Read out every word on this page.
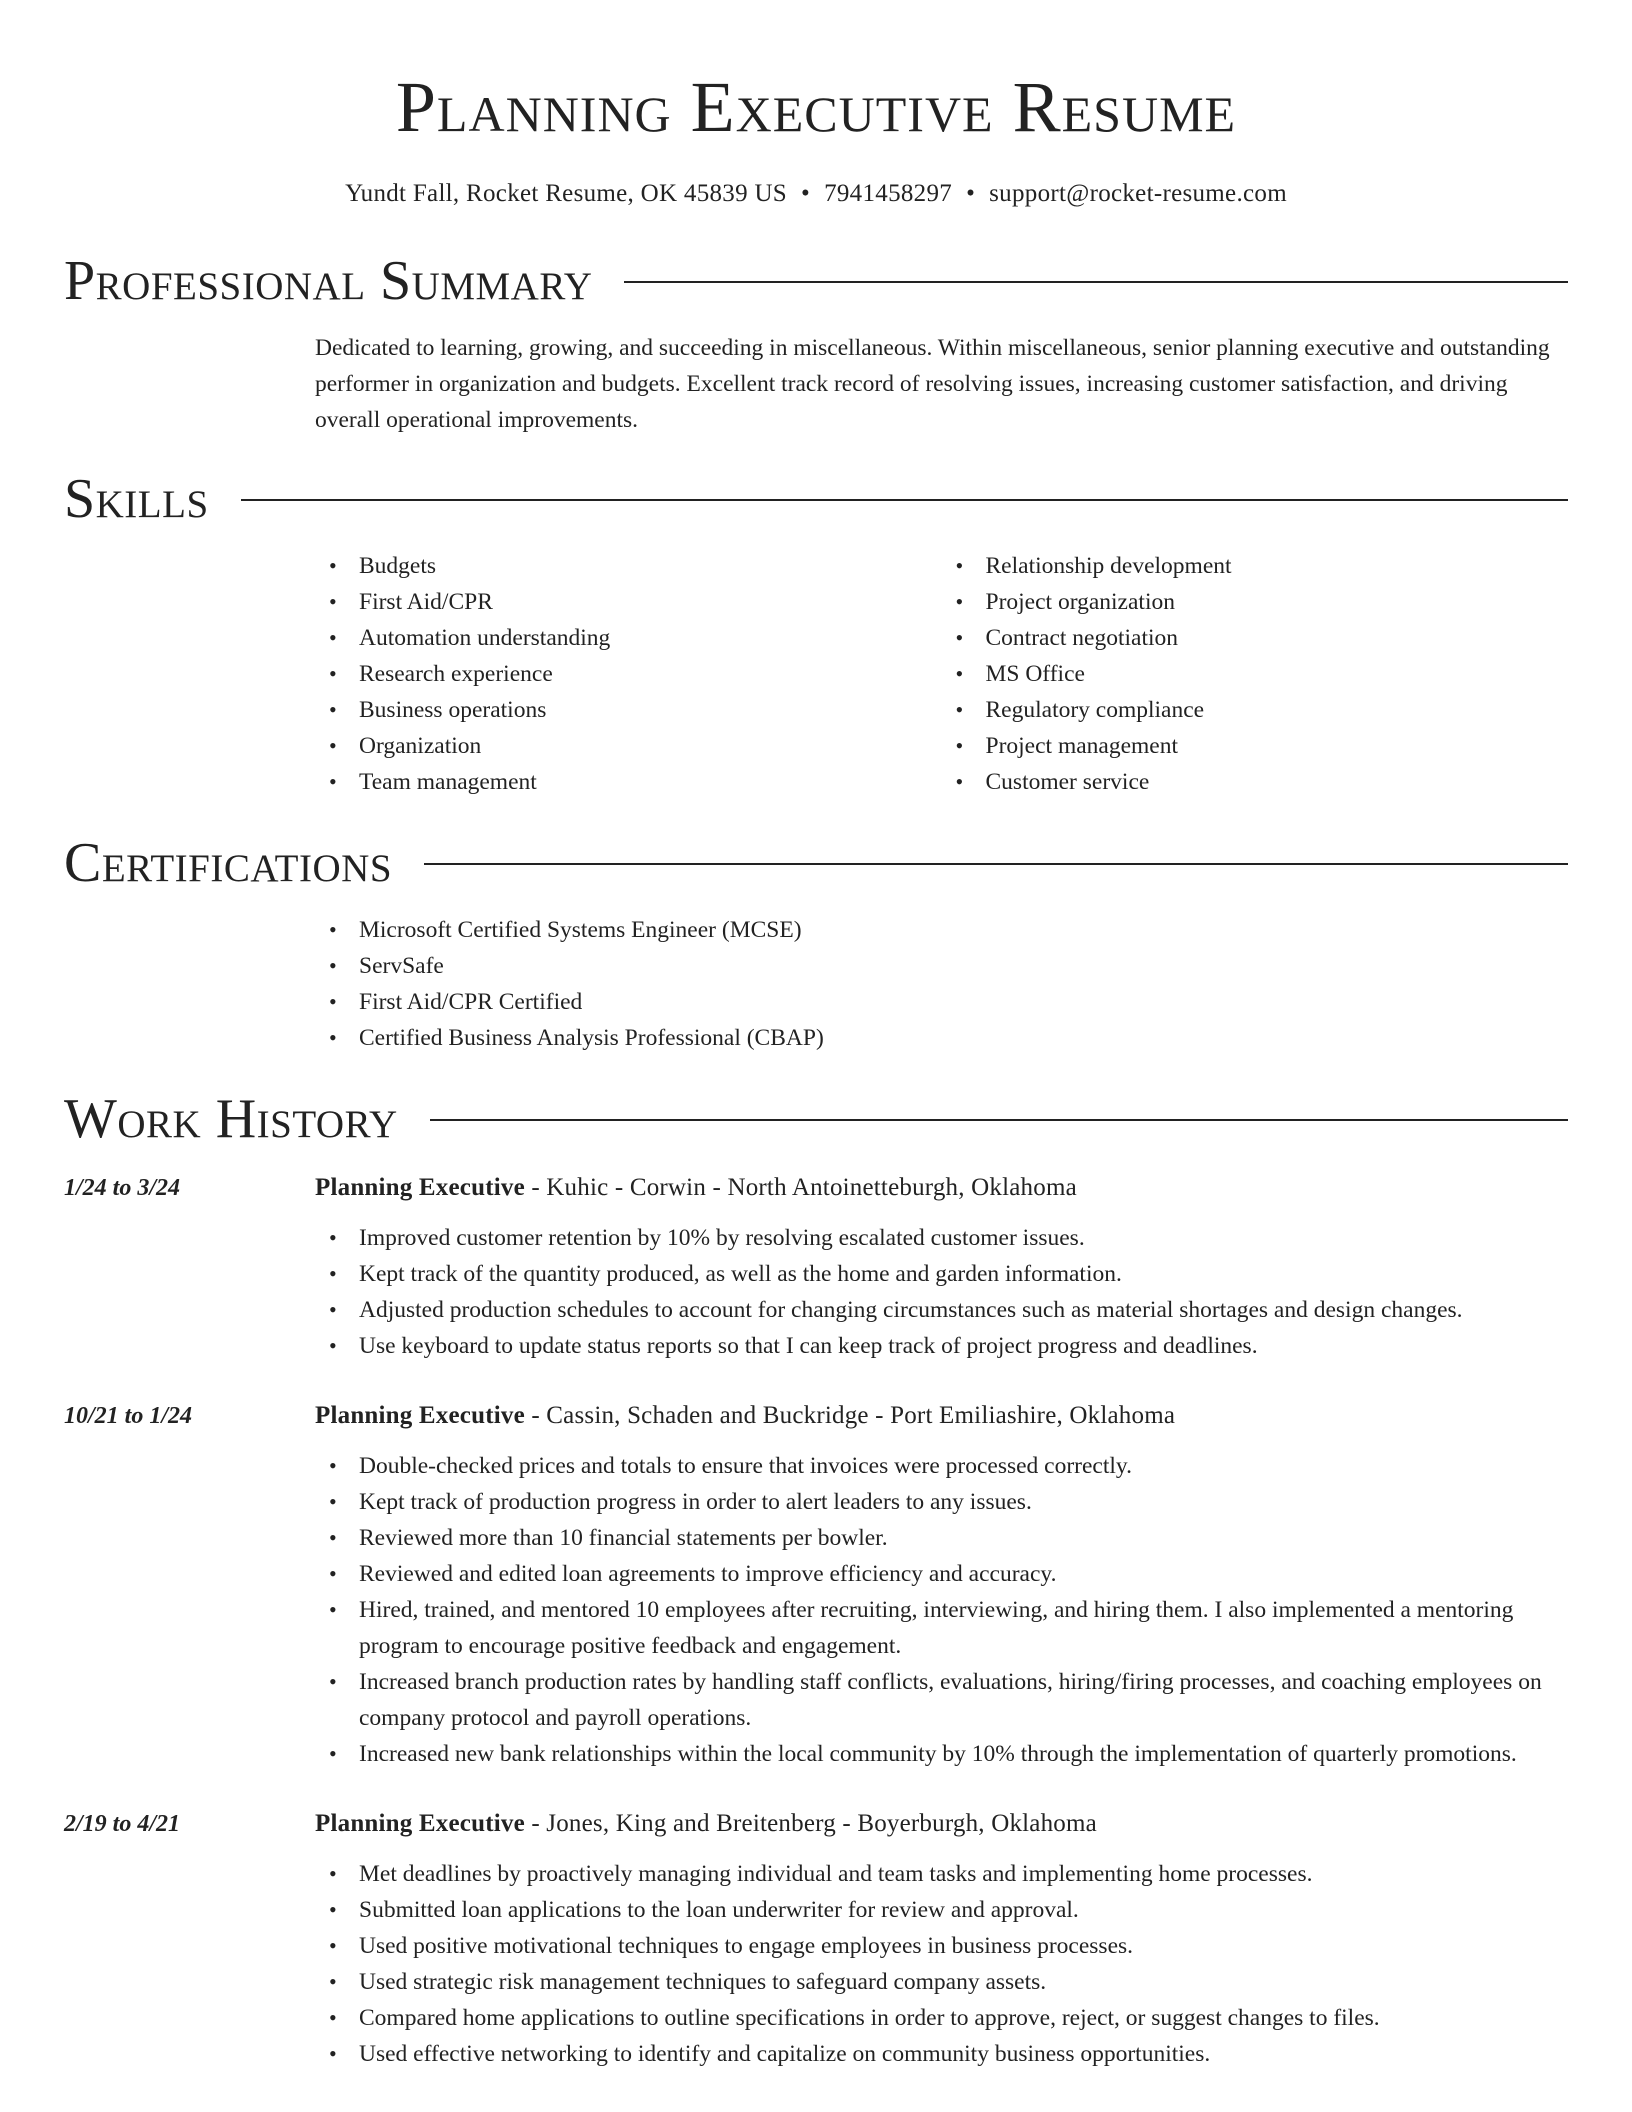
Planning Executive Resume
Yundt Fall, Rocket Resume, OK 45839 US • 7941458297 • support@rocket-resume.com
Professional Summary
Dedicated to learning, growing, and succeeding in miscellaneous. Within miscellaneous, senior planning executive and outstanding performer in organization and budgets. Excellent track record of resolving issues, increasing customer satisfaction, and driving overall operational improvements.
Skills
• Budgets
• First Aid/CPR
• Automation understanding
• Research experience
• Business operations
• Organization
• Team management
• Relationship development
• Project organization
• Contract negotiation
• MS Office
• Regulatory compliance
• Project management
• Customer service
Certifications
• Microsoft Certified Systems Engineer (MCSE)
• ServSafe
• First Aid/CPR Certified
• Certified Business Analysis Professional (CBAP)
Work History
1/24 to 3/24	Planning Executive - Kuhic - Corwin - North Antoinetteburgh, Oklahoma
• Improved customer retention by 10% by resolving escalated customer issues.
• Kept track of the quantity produced, as well as the home and garden information.
• Adjusted production schedules to account for changing circumstances such as material shortages and design changes.
• Use keyboard to update status reports so that I can keep track of project progress and deadlines.
10/21 to 1/24	Planning Executive - Cassin, Schaden and Buckridge - Port Emiliashire, Oklahoma
• Double-checked prices and totals to ensure that invoices were processed correctly.
• Kept track of production progress in order to alert leaders to any issues.
• Reviewed more than 10 financial statements per bowler.
• Reviewed and edited loan agreements to improve efficiency and accuracy.
• Hired, trained, and mentored 10 employees after recruiting, interviewing, and hiring them. I also implemented a mentoring program to encourage positive feedback and engagement.
• Increased branch production rates by handling staff conflicts, evaluations, hiring/firing processes, and coaching employees on company protocol and payroll operations.
• Increased new bank relationships within the local community by 10% through the implementation of quarterly promotions.
2/19 to 4/21	Planning Executive - Jones, King and Breitenberg - Boyerburgh, Oklahoma
• Met deadlines by proactively managing individual and team tasks and implementing home processes.
• Submitted loan applications to the loan underwriter for review and approval.
• Used positive motivational techniques to engage employees in business processes.
• Used strategic risk management techniques to safeguard company assets.
• Compared home applications to outline specifications in order to approve, reject, or suggest changes to files.
• Used effective networking to identify and capitalize on community business opportunities.
